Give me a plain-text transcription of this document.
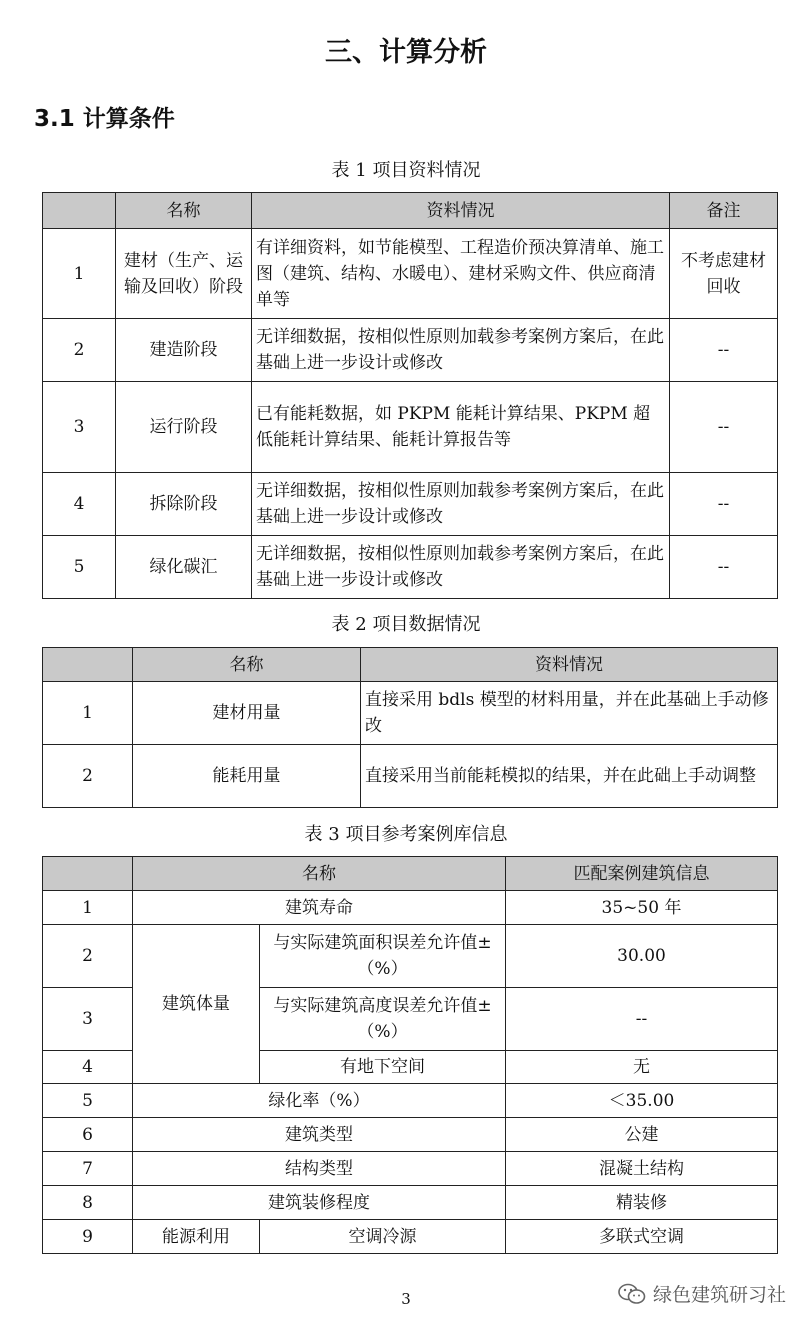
三、计算分析
3.1 计算条件
表 1 项目资料情况
	名称	资料情况	备注
1	建材（生产、运输及回收）阶段	有详细资料，如节能模型、工程造价预决算清单、施工图（建筑、结构、水暖电）、建材采购文件、供应商清单等	不考虑建材回收
2	建造阶段	无详细数据，按相似性原则加载参考案例方案后，在此基础上进一步设计或修改	--
3	运行阶段	已有能耗数据，如 PKPM 能耗计算结果、PKPM 超低能耗计算结果、能耗计算报告等	--
4	拆除阶段	无详细数据，按相似性原则加载参考案例方案后，在此基础上进一步设计或修改	--
5	绿化碳汇	无详细数据，按相似性原则加载参考案例方案后，在此基础上进一步设计或修改	--
表 2 项目数据情况
	名称	资料情况
1	建材用量	直接采用 bdls 模型的材料用量，并在此基础上手动修改
2	能耗用量	直接采用当前能耗模拟的结果，并在此础上手动调整
表 3 项目参考案例库信息
	名称		匹配案例建筑信息
1	建筑寿命		35~50 年
2	建筑体量	与实际建筑面积误差允许值±（%）	30.00
3		与实际建筑高度误差允许值±（%）	--
4		有地下空间	无
5	绿化率（%）		＜35.00
6	建筑类型		公建
7	结构类型		混凝土结构
8	建筑装修程度		精装修
9	能源利用	空调冷源	多联式空调
3	绿色建筑研习社
